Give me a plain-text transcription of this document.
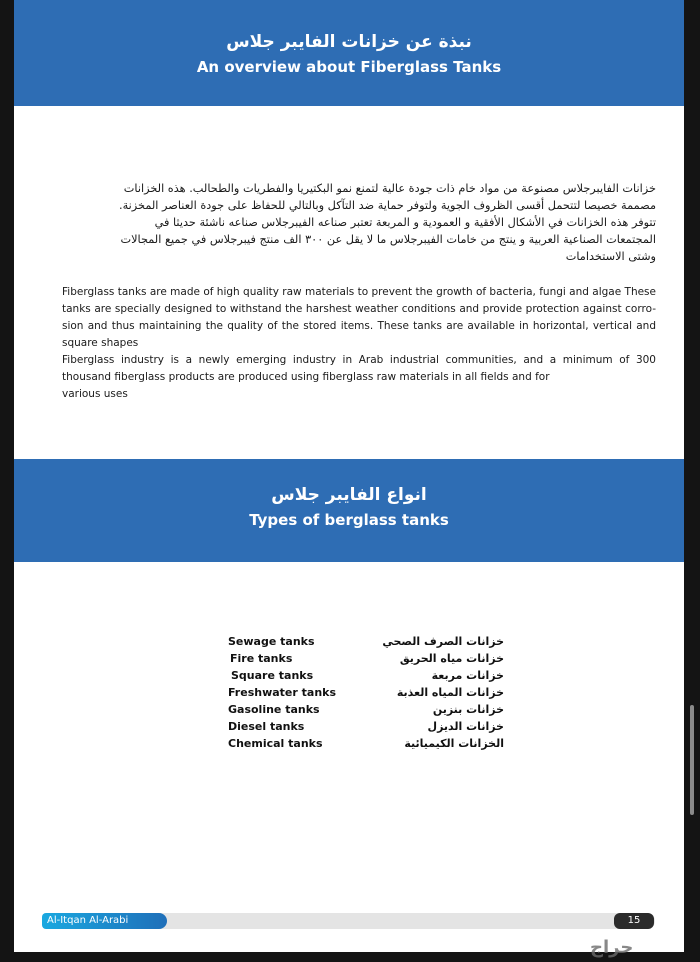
نبذة عن خزانات الفايبر جلاس
An overview about Fiberglass Tanks

خزانات الفايبرجلاس مصنوعة من مواد خام ذات جودة عالية لتمنع نمو البكتيريا والفطريات والطحالب. هذه الخزانات

مصممة خصيصا لتتحمل أقسى الظروف الجوية ولتوفر حماية ضد التآكل وبالتالي للحفاظ على جودة العناصر المخزنة.

تتوفر هذه الخزانات في الأشكال الأفقية و العمودية و المربعة تعتبر صناعه الفيبرجلاس صناعه ناشئة حديثا في

المجتمعات الصناعية العربية و ينتج من خامات الفيبرجلاس ما لا يقل عن ٣٠٠ الف منتج فيبرجلاس في جميع المجالات

وشتى الاستخدامات

Fiberglass tanks are made of high quality raw materials to prevent the growth of bacteria, fungi and algae These tanks are specially designed to withstand the harshest weather conditions and provide protection against corro-sion and thus maintaining the quality of the stored items. These tanks are available in horizontal, vertical and square shapes

Fiberglass industry is a newly emerging industry in Arab industrial communities, and a minimum of 300 thousand fiberglass products are produced using fiberglass raw materials in all fields and for

various uses

انواع الفايبر جلاس
Types of berglass tanks
Sewage tanks	خزانات الصرف الصحي
Fire tanks	خزانات مياه الحريق
Square tanks	خزانات مربعة
Freshwater tanks	خزانات المياه العذبة
Gasoline tanks	خزانات بنزين
Diesel tanks	خزانات الديزل
Chemical tanks	الخزانات الكيميائية
Al-Itqan Al-Arabi	15
حراج
